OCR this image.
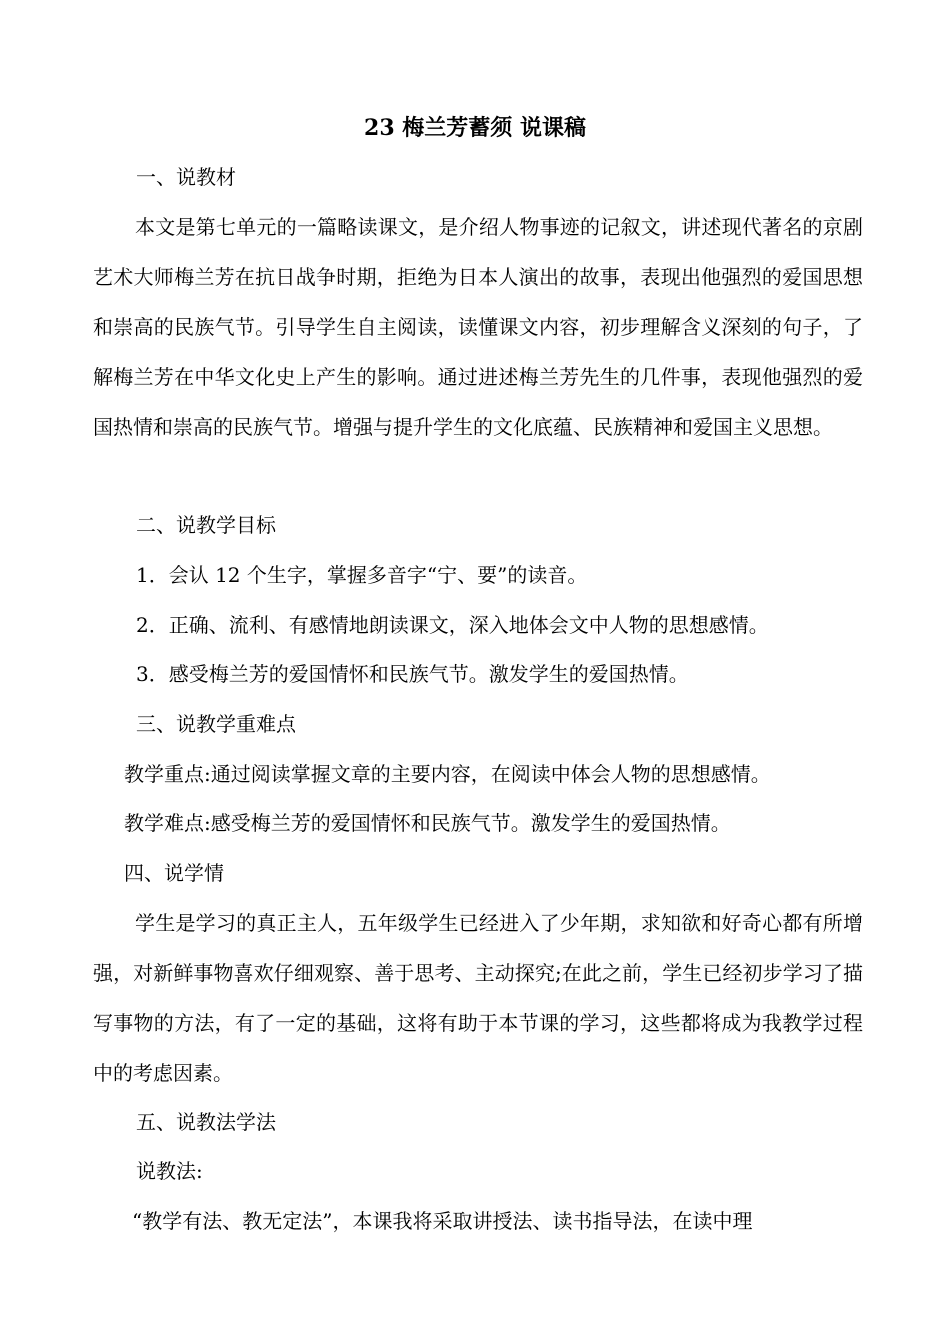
23 梅兰芳蓄须 说课稿
一、说教材
本文是第七单元的一篇略读课文，是介绍人物事迹的记叙文，讲述现代著名的京剧艺术大师梅兰芳在抗日战争时期，拒绝为日本人演出的故事，表现出他强烈的爱国思想和崇高的民族气节。引导学生自主阅读，读懂课文内容，初步理解含义深刻的句子，了解梅兰芳在中华文化史上产生的影响。通过进述梅兰芳先生的几件事，表现他强烈的爱国热情和崇高的民族气节。增强与提升学生的文化底蕴、民族精神和爱国主义思想。
二、说教学目标
1．会认 12 个生字，掌握多音字“宁、要”的读音。
2．正确、流利、有感情地朗读课文，深入地体会文中人物的思想感情。
3．感受梅兰芳的爱国情怀和民族气节。激发学生的爱国热情。
三、说教学重难点
教学重点:通过阅读掌握文章的主要内容，在阅读中体会人物的思想感情。
教学难点:感受梅兰芳的爱国情怀和民族气节。激发学生的爱国热情。
四、说学情
学生是学习的真正主人，五年级学生已经进入了少年期，求知欲和好奇心都有所增强，对新鲜事物喜欢仔细观察、善于思考、主动探究;在此之前，学生已经初步学习了描写事物的方法，有了一定的基础，这将有助于本节课的学习，这些都将成为我教学过程中的考虑因素。
五、说教法学法
说教法:
“教学有法、教无定法”，本课我将采取讲授法、读书指导法，在读中理
